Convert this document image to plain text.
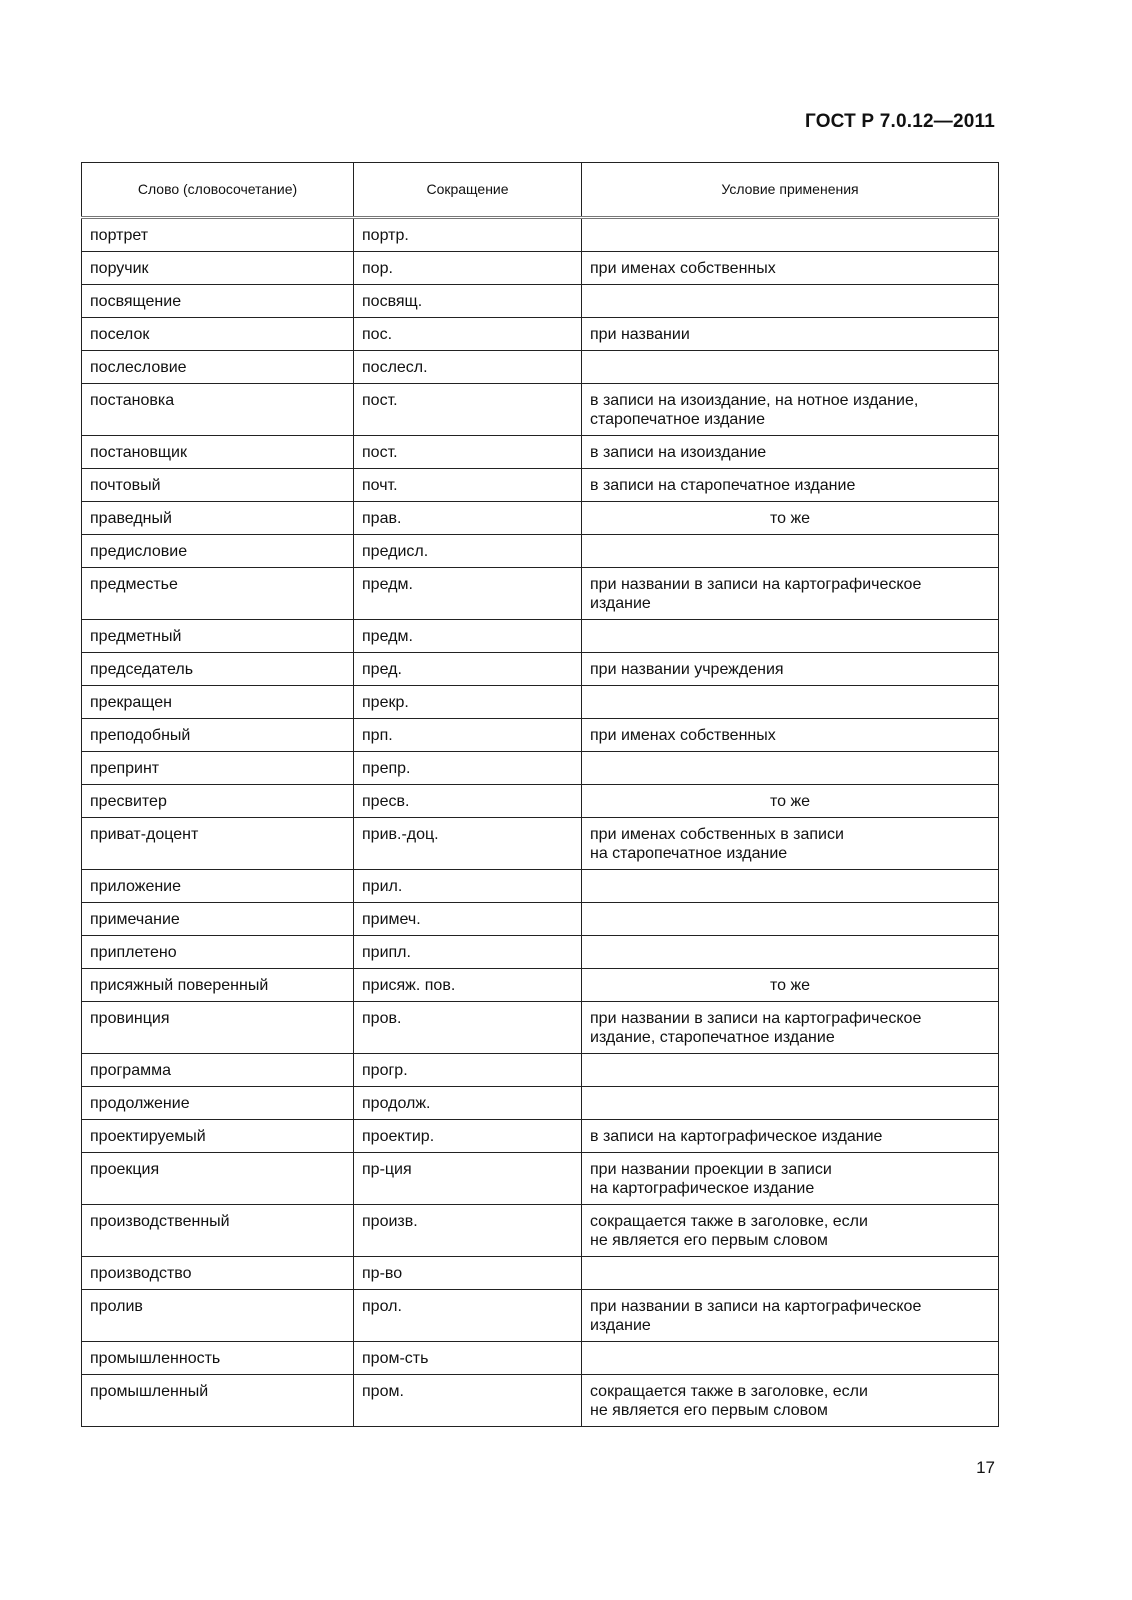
ГОСТ Р 7.0.12—2011
Слово (словосочетание)	Сокращение	Условие применения
портрет	портр.	
поручик	пор.	при именах собственных
посвящение	посвящ.	
поселок	пос.	при названии
послесловие	послесл.	
постановка	пост.	в записи на изоиздание, на нотное издание,
старопечатное издание
постановщик	пост.	в записи на изоиздание
почтовый	почт.	в записи на старопечатное издание
праведный	прав.	то же
предисловие	предисл.	
предместье	предм.	при названии в записи на картографическое
издание
предметный	предм.	
председатель	пред.	при названии учреждения
прекращен	прекр.	
преподобный	прп.	при именах собственных
препринт	препр.	
пресвитер	пресв.	то же
приват-доцент	прив.-доц.	при именах собственных в записи
на старопечатное издание
приложение	прил.	
примечание	примеч.	
приплетено	припл.	
присяжный поверенный	присяж. пов.	то же
провинция	пров.	при названии в записи на картографическое
издание, старопечатное издание
программа	прогр.	
продолжение	продолж.	
проектируемый	проектир.	в записи на картографическое издание
проекция	пр-ция	при названии проекции в записи
на картографическое издание
производственный	произв.	сокращается также в заголовке, если
не является его первым словом
производство	пр-во	
пролив	прол.	при названии в записи на картографическое
издание
промышленность	пром-сть	
промышленный	пром.	сокращается также в заголовке, если
не является его первым словом
17
